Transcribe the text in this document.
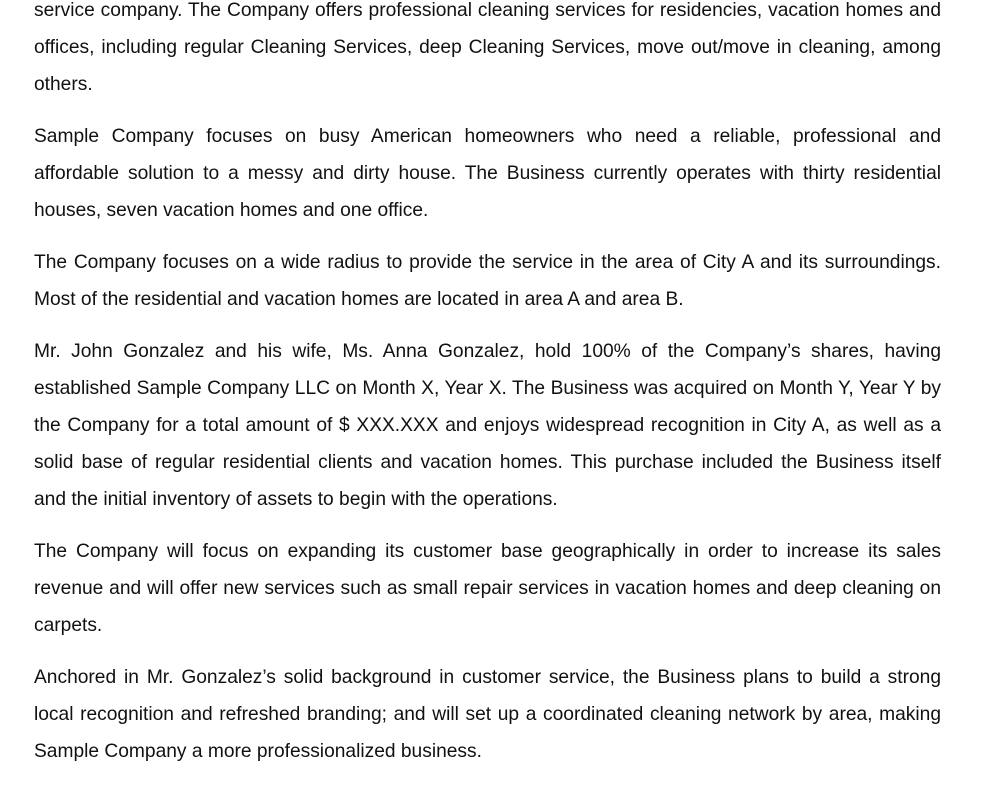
service company. The Company offers professional cleaning services for residencies, vacation homes and offices, including regular Cleaning Services, deep Cleaning Services, move out/move in cleaning, among others.

Sample Company focuses on busy American homeowners who need a reliable, professional and affordable solution to a messy and dirty house. The Business currently operates with thirty residential houses, seven vacation homes and one office.

The Company focuses on a wide radius to provide the service in the area of City A and its surroundings. Most of the residential and vacation homes are located in area A and area B.

Mr. John Gonzalez and his wife, Ms. Anna Gonzalez, hold 100% of the Company’s shares, having established Sample Company LLC on Month X, Year X. The Business was acquired on Month Y, Year Y by the Company for a total amount of $ XXX.XXX and enjoys widespread recognition in City A, as well as a solid base of regular residential clients and vacation homes. This purchase included the Business itself and the initial inventory of assets to begin with the operations.

The Company will focus on expanding its customer base geographically in order to increase its sales revenue and will offer new services such as small repair services in vacation homes and deep cleaning on carpets.

Anchored in Mr. Gonzalez’s solid background in customer service, the Business plans to build a strong local recognition and refreshed branding; and will set up a coordinated cleaning network by area, making Sample Company a more professionalized business.
